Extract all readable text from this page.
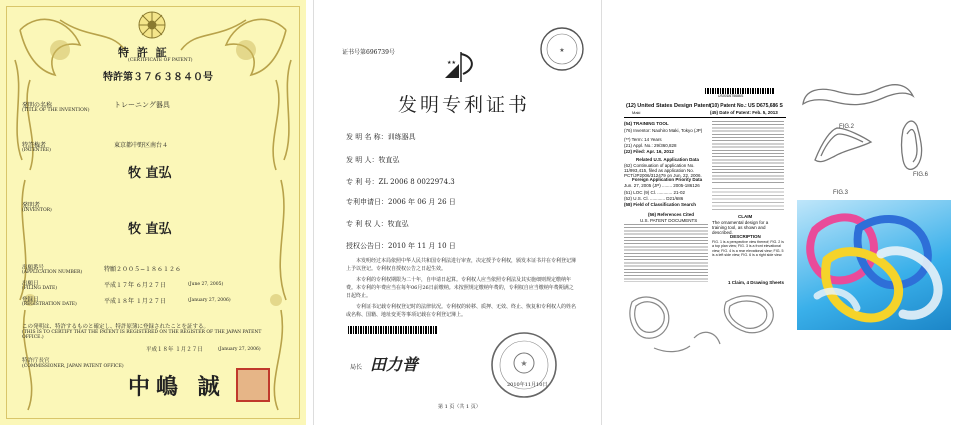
特 許 証
(CERTIFICATE OF PATENT)
特許第３７６３８４０号
発明の名称
(TITLE OF THE INVENTION)
トレーニング器具
特許権者
(PATENTEE)
東京都中野区南台４
牧 直弘
発明者
(INVENTOR)
牧 直弘
出願番号
(APPLICATION NUMBER)	特願２００５−１８６１２６
出願日
(FILING DATE)	平成１７年 ６月２７日	(June 27, 2005)
登録日
(REGISTRATION DATE)	平成１８年 １月２７日	(January 27, 2006)
この発明は、特許するものと確定し、特許原簿に登録されたことを証する。
(THIS IS TO CERTIFY THAT THE PATENT IS REGISTERED ON THE REGISTER OF THE JAPAN PATENT OFFICE.)
平成１８年 １月２７日	(January 27, 2006)
特許庁長官
(COMMISSIONER, JAPAN PATENT OFFICE)
中嶋 誠
证书号第696739号	★
★★
发明专利证书
发 明 名 称：训练器具
发 明 人：牧直弘
专 利 号：ZL 2006 8 0022974.3
专利申请日：2006 年 06 月 26 日
专 利 权 人：牧直弘
授权公告日：2010 年 11 月 10 日
本发明经过本局依照中华人民共和国专利法进行审查，决定授予专利权，颁发本证书并在专利登记簿上予以登记。专利权自授权公告之日起生效。
本专利的专利权期限为二十年，自申请日起算。专利权人应当依照专利法及其实施细则规定缴纳年费。本专利的年费应当在每年06月26日前缴纳。未按照规定缴纳年费的，专利权自应当缴纳年费期满之日起终止。
专利证书记载专利权登记时的法律状况。专利权的转移、质押、无效、终止、恢复和专利权人的姓名或名称、国籍、地址变更等事项记载在专利登记簿上。
局长 田力普	★
2010年11月10日
第 1 页（共 1 页）
US00D675686S
(12) United States Design Patent
Maki
(10) Patent No.: US D675,686 S
(45) Date of Patent: Feb. 5, 2013
(54) TRAINING TOOL
(76) Inventor: Naohiro Maki, Tokyo (JP)
(**) Term: 14 Years
(21) Appl. No.: 29/360,828
(22) Filed: Apr. 16, 2012
Related U.S. Application Data
(62) Continuation of application No. 11/993,415, filed as application No. PCT/JP2006/312479 on Jun. 22, 2006.
Foreign Application Priority Data
Jun. 27, 2005 (JP) ........ 2005-186126
(51) LOC (9) Cl. ............ 21-02
(52) U.S. Cl. ............ D21/686
(58) Field of Classification Search
(56) References Cited
U.S. PATENT DOCUMENTS
CLAIM
The ornamental design for a training tool, as shown and described.
DESCRIPTION
FIG. 1 is a perspective view thereof; FIG. 2 is a top plan view; FIG. 3 is a front elevational view; FIG. 4 is a rear elevational view; FIG. 5 is a left side view; FIG. 6 is a right side view.
1 Claim, 4 Drawing Sheets
FIG.2
FIG.3
FIG.6
